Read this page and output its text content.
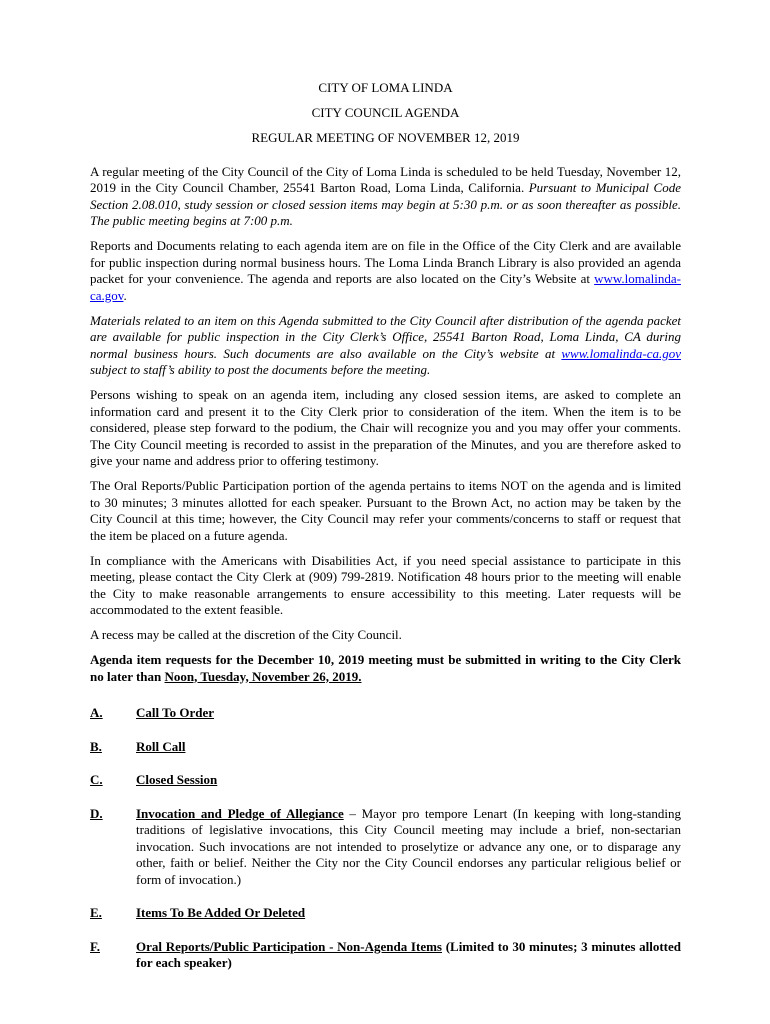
CITY OF LOMA LINDA
CITY COUNCIL AGENDA
REGULAR MEETING OF NOVEMBER 12, 2019

A regular meeting of the City Council of the City of Loma Linda is scheduled to be held Tuesday, November 12, 2019 in the City Council Chamber, 25541 Barton Road, Loma Linda, California. Pursuant to Municipal Code Section 2.08.010, study session or closed session items may begin at 5:30 p.m. or as soon thereafter as possible. The public meeting begins at 7:00 p.m.

Reports and Documents relating to each agenda item are on file in the Office of the City Clerk and are available for public inspection during normal business hours. The Loma Linda Branch Library is also provided an agenda packet for your convenience. The agenda and reports are also located on the City’s Website at www.lomalinda-ca.gov.

Materials related to an item on this Agenda submitted to the City Council after distribution of the agenda packet are available for public inspection in the City Clerk’s Office, 25541 Barton Road, Loma Linda, CA during normal business hours. Such documents are also available on the City’s website at www.lomalinda-ca.gov subject to staff’s ability to post the documents before the meeting.

Persons wishing to speak on an agenda item, including any closed session items, are asked to complete an information card and present it to the City Clerk prior to consideration of the item. When the item is to be considered, please step forward to the podium, the Chair will recognize you and you may offer your comments. The City Council meeting is recorded to assist in the preparation of the Minutes, and you are therefore asked to give your name and address prior to offering testimony.

The Oral Reports/Public Participation portion of the agenda pertains to items NOT on the agenda and is limited to 30 minutes; 3 minutes allotted for each speaker. Pursuant to the Brown Act, no action may be taken by the City Council at this time; however, the City Council may refer your comments/concerns to staff or request that the item be placed on a future agenda.

In compliance with the Americans with Disabilities Act, if you need special assistance to participate in this meeting, please contact the City Clerk at (909) 799-2819. Notification 48 hours prior to the meeting will enable the City to make reasonable arrangements to ensure accessibility to this meeting. Later requests will be accommodated to the extent feasible.

A recess may be called at the discretion of the City Council.

Agenda item requests for the December 10, 2019 meeting must be submitted in writing to the City Clerk no later than Noon, Tuesday, November 26, 2019.

A.	Call To Order
B.	Roll Call
C.	Closed Session
D.	Invocation and Pledge of Allegiance – Mayor pro tempore Lenart (In keeping with long-standing traditions of legislative invocations, this City Council meeting may include a brief, non-sectarian invocation. Such invocations are not intended to proselytize or advance any one, or to disparage any other, faith or belief. Neither the City nor the City Council endorses any particular religious belief or form of invocation.)
E.	Items To Be Added Or Deleted
F.	Oral Reports/Public Participation - Non-Agenda Items (Limited to 30 minutes; 3 minutes allotted for each speaker)
